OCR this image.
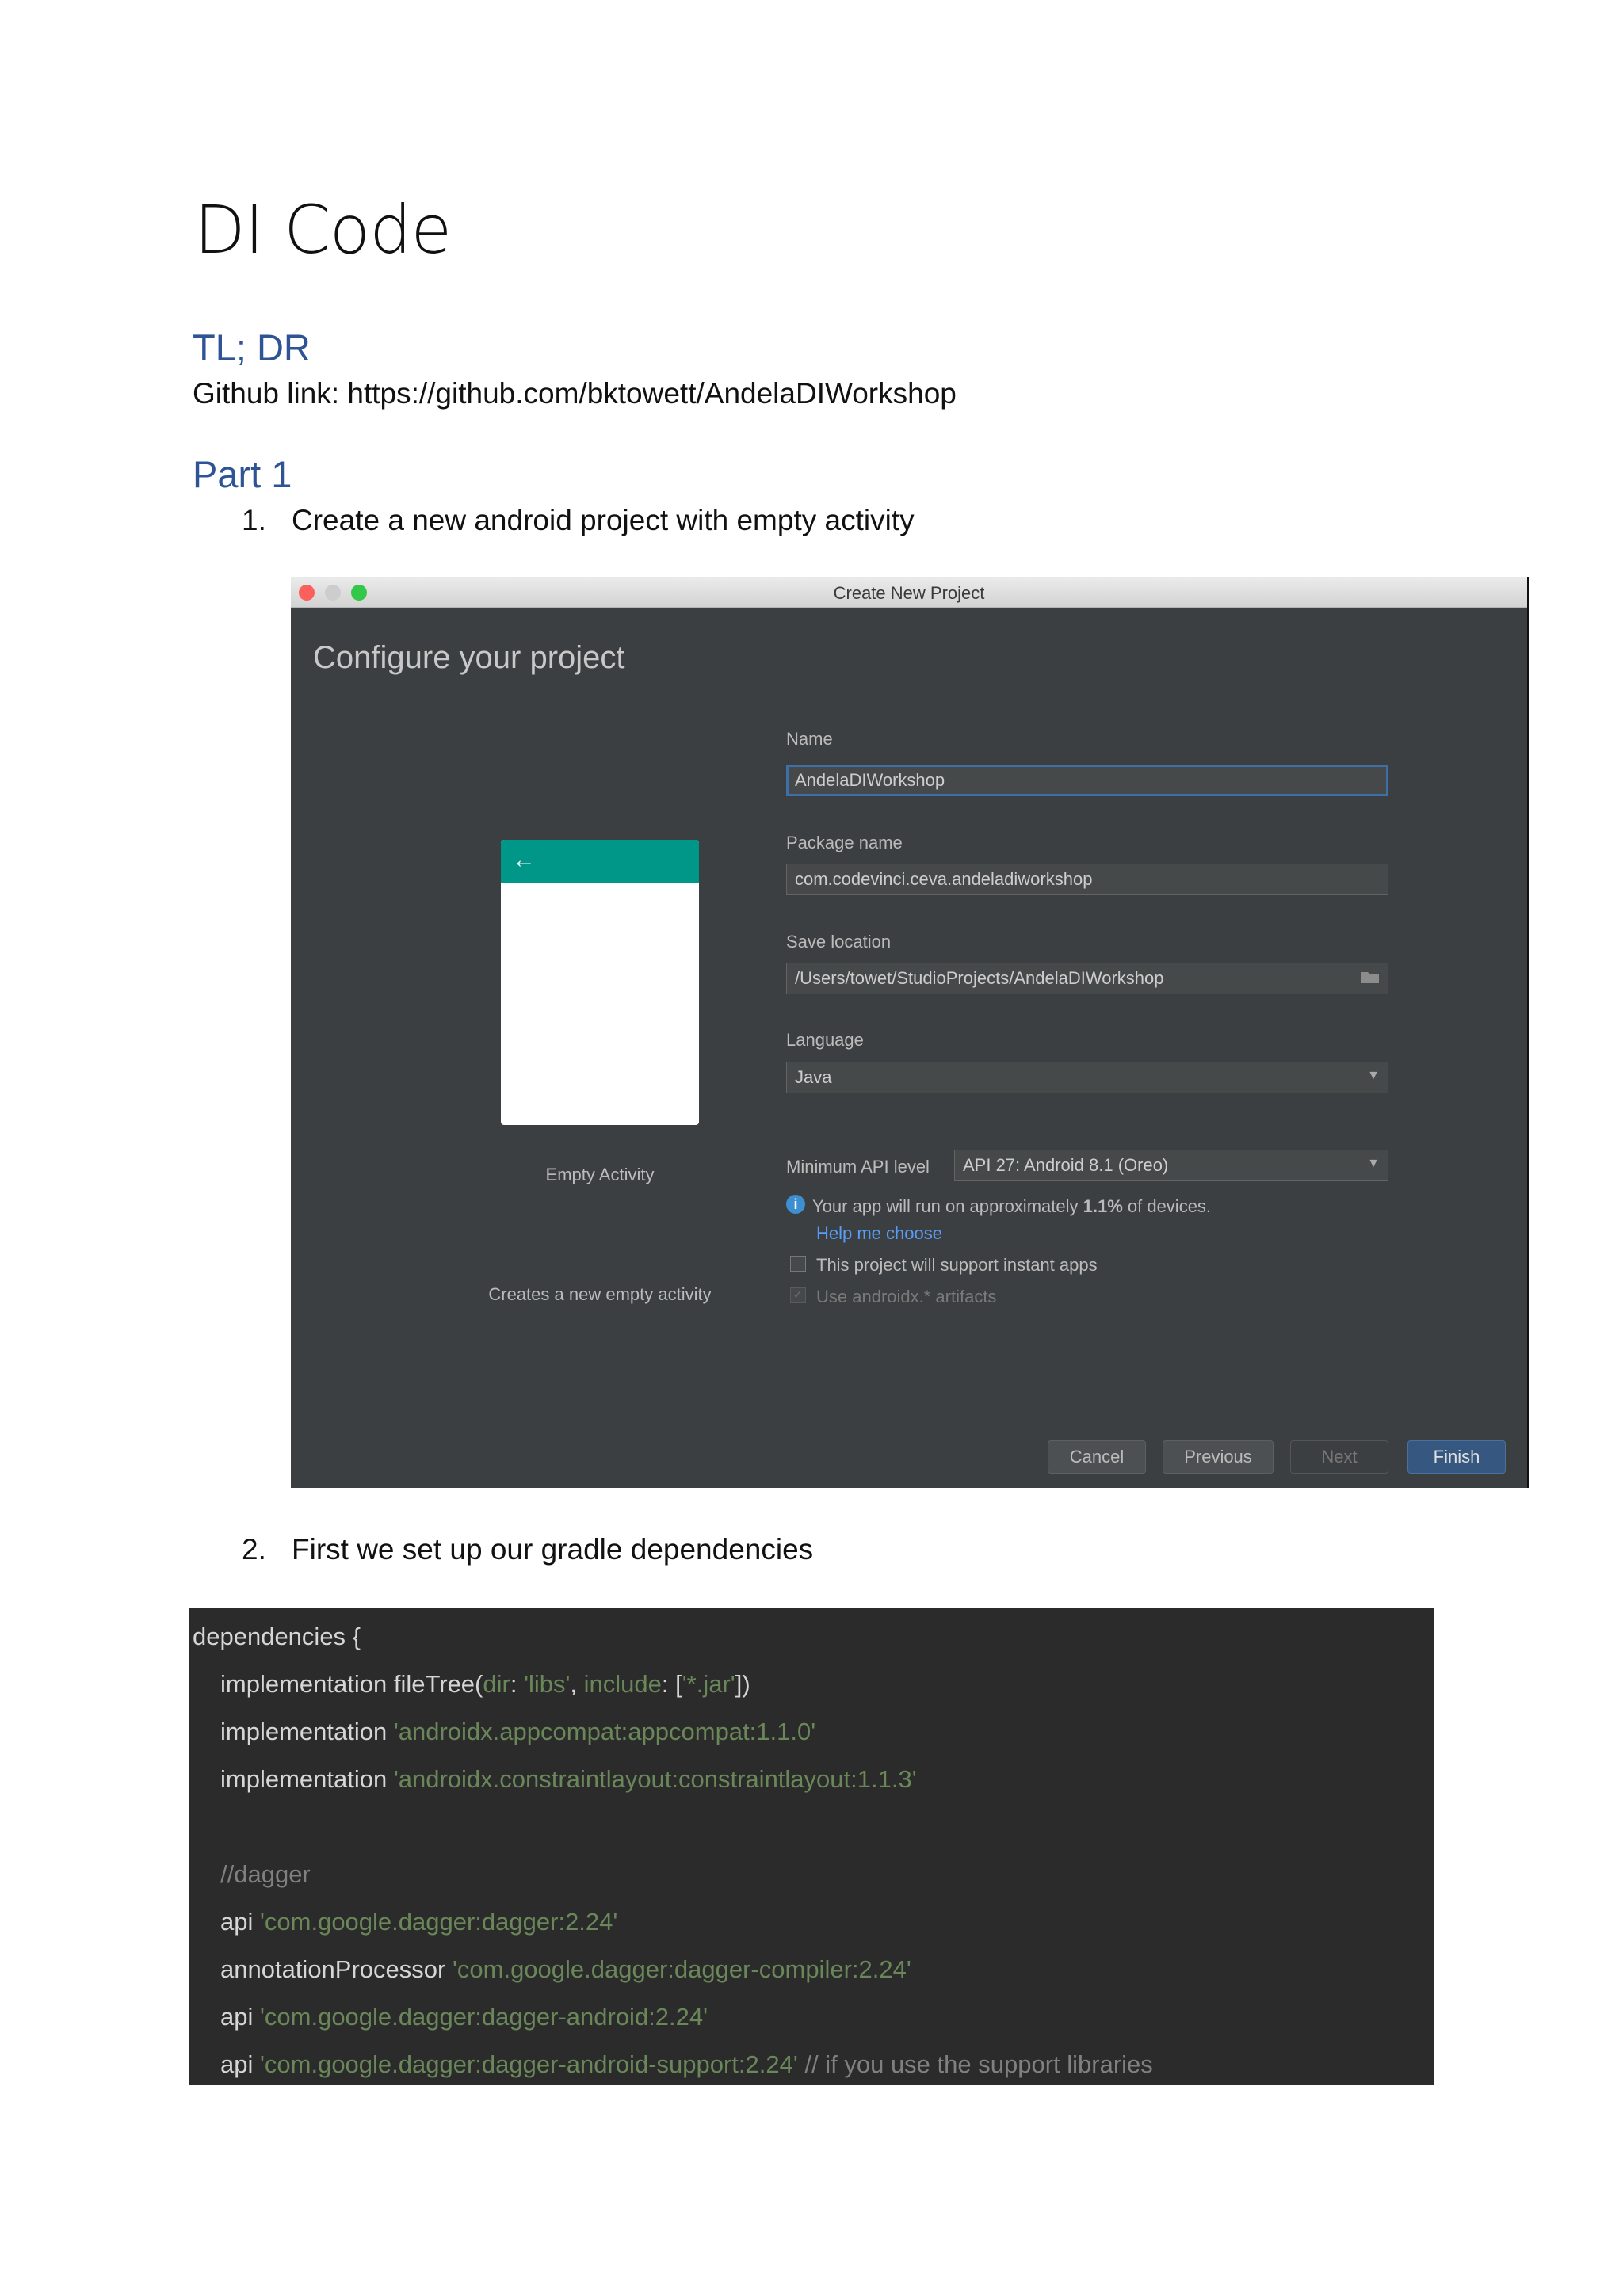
DI Code
TL; DR
Github link: https://github.com/bktowett/AndelaDIWorkshop
Part 1
1. Create a new android project with empty activity
Create New Project
Configure your project
←
Empty Activity
Creates a new empty activity
Name
AndelaDIWorkshop
Package name
com.codevinci.ceva.andeladiworkshop
Save location
/Users/towet/StudioProjects/AndelaDIWorkshop
Language
Java	▼
Minimum API level	API 27: Android 8.1 (Oreo)	▼
i Your app will run on approximately 1.1% of devices.
Help me choose
This project will support instant apps
✓ Use androidx.* artifacts
Cancel	Previous	Next	Finish
2. First we set up our gradle dependencies
dependencies {
implementation fileTree(dir: 'libs', include: ['*.jar'])
implementation 'androidx.appcompat:appcompat:1.1.0'
implementation 'androidx.constraintlayout:constraintlayout:1.1.3'
//dagger
api 'com.google.dagger:dagger:2.24'
annotationProcessor 'com.google.dagger:dagger-compiler:2.24'
api 'com.google.dagger:dagger-android:2.24'
api 'com.google.dagger:dagger-android-support:2.24' // if you use the support libraries
